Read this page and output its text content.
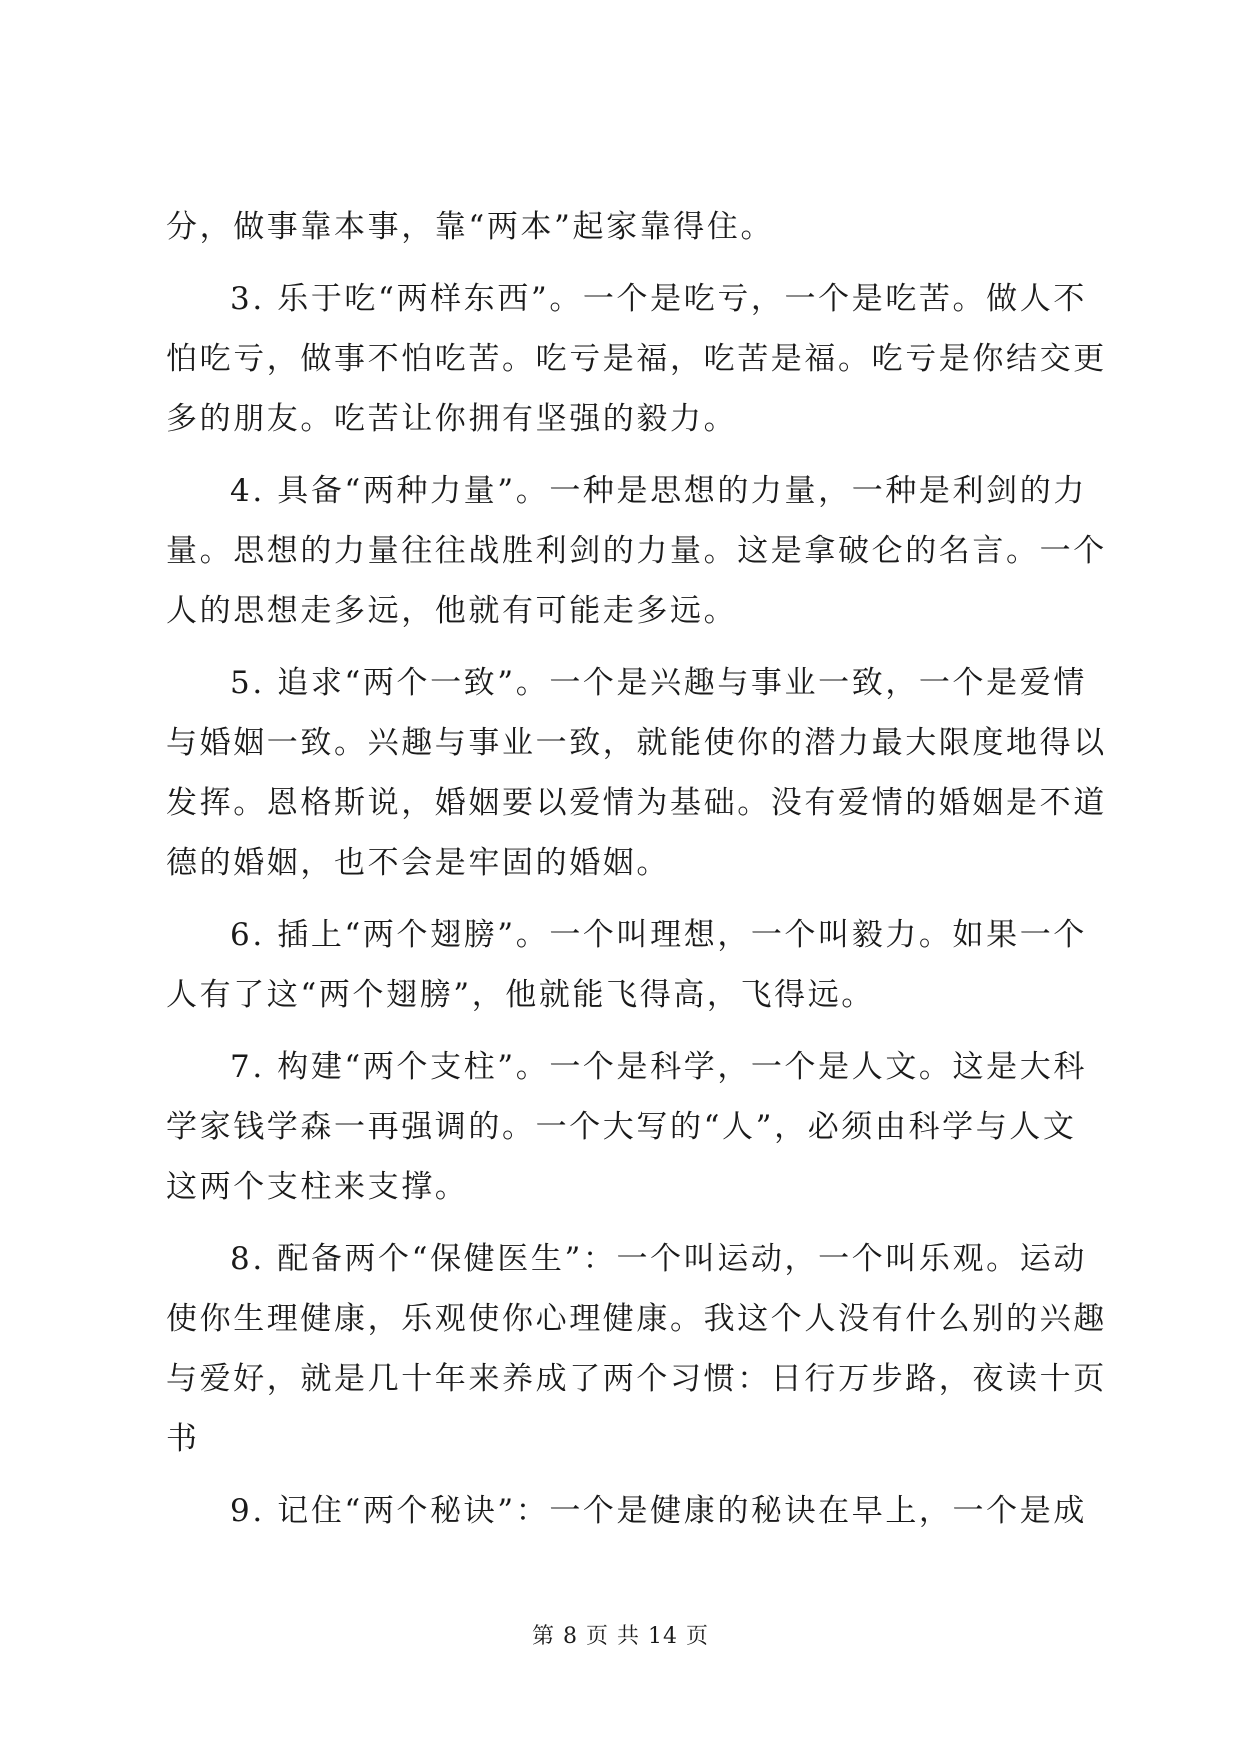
分，做事靠本事，靠“两本”起家靠得住。
3. 乐于吃“两样东西”。一个是吃亏，一个是吃苦。做人不
怕吃亏，做事不怕吃苦。吃亏是福，吃苦是福。吃亏是你结交更
多的朋友。吃苦让你拥有坚强的毅力。
4. 具备“两种力量”。一种是思想的力量，一种是利剑的力
量。思想的力量往往战胜利剑的力量。这是拿破仑的名言。一个
人的思想走多远，他就有可能走多远。
5. 追求“两个一致”。一个是兴趣与事业一致，一个是爱情
与婚姻一致。兴趣与事业一致，就能使你的潜力最大限度地得以
发挥。恩格斯说，婚姻要以爱情为基础。没有爱情的婚姻是不道
德的婚姻，也不会是牢固的婚姻。
6. 插上“两个翅膀”。一个叫理想，一个叫毅力。如果一个
人有了这“两个翅膀”，他就能飞得高，飞得远。
7. 构建“两个支柱”。一个是科学，一个是人文。这是大科
学家钱学森一再强调的。一个大写的“人”，必须由科学与人文
这两个支柱来支撑。
8. 配备两个“保健医生”：一个叫运动，一个叫乐观。运动
使你生理健康，乐观使你心理健康。我这个人没有什么别的兴趣
与爱好，就是几十年来养成了两个习惯：日行万步路，夜读十页
书
9. 记住“两个秘诀”：一个是健康的秘诀在早上，一个是成
第 8 页 共 14 页
